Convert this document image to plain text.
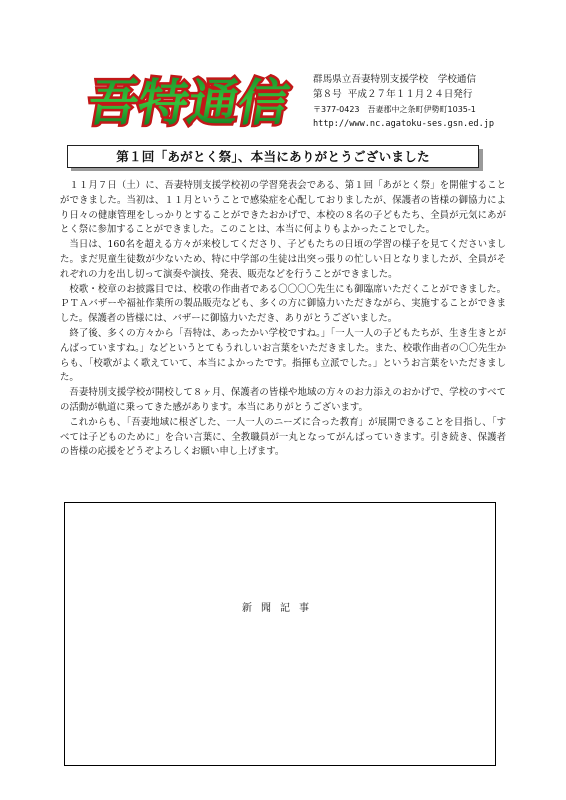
吾特通信 群馬県立吾妻特別支援学校　学校通信
第８号 平成２７年１１月２４日発行
〒377-0423　吾妻郡中之条町伊勢町1035-1
http://www.nc.agatoku-ses.gsn.ed.jp
第１回「あがとく祭」、本当にありがとうございました

１１月７日（土）に、吾妻特別支援学校初の学習発表会である、第１回「あがとく祭」を開催することができました。当初は、１１月ということで感染症を心配しておりましたが、保護者の皆様の御協力により日々の健康管理をしっかりとすることができたおかげで、本校の８名の子どもたち、全員が元気にあがとく祭に参加することができました。このことは、本当に何よりもよかったことでした。

当日は、160名を超える方々が来校してくださり、子どもたちの日頃の学習の様子を見てくださいました。まだ児童生徒数が少ないため、特に中学部の生徒は出突っ張りの忙しい日となりましたが、全員がそれぞれの力を出し切って演奏や演技、発表、販売などを行うことができました。

校歌・校章のお披露目では、校歌の作曲者である〇〇〇〇先生にも御臨席いただくことができました。ＰＴＡバザーや福祉作業所の製品販売なども、多くの方に御協力いただきながら、実施することができました。保護者の皆様には、バザーに御協力いただき、ありがとうございました。

終了後、多くの方々から「吾特は、あったかい学校ですね。」「一人一人の子どもたちが、生き生きとがんばっていますね。」などというとてもうれしいお言葉をいただきました。また、校歌作曲者の〇〇先生からも、「校歌がよく歌えていて、本当によかったです。指揮も立派でした。」というお言葉をいただきました。

吾妻特別支援学校が開校して８ヶ月、保護者の皆様や地域の方々のお力添えのおかげで、学校のすべての活動が軌道に乗ってきた感があります。本当にありがとうございます。

これからも、「吾妻地域に根ざした、一人一人のニーズに合った教育」が展開できることを目指し、「すべては子どものために」を合い言葉に、全教職員が一丸となってがんばっていきます。引き続き、保護者の皆様の応援をどうぞよろしくお願い申し上げます。

新聞記事
